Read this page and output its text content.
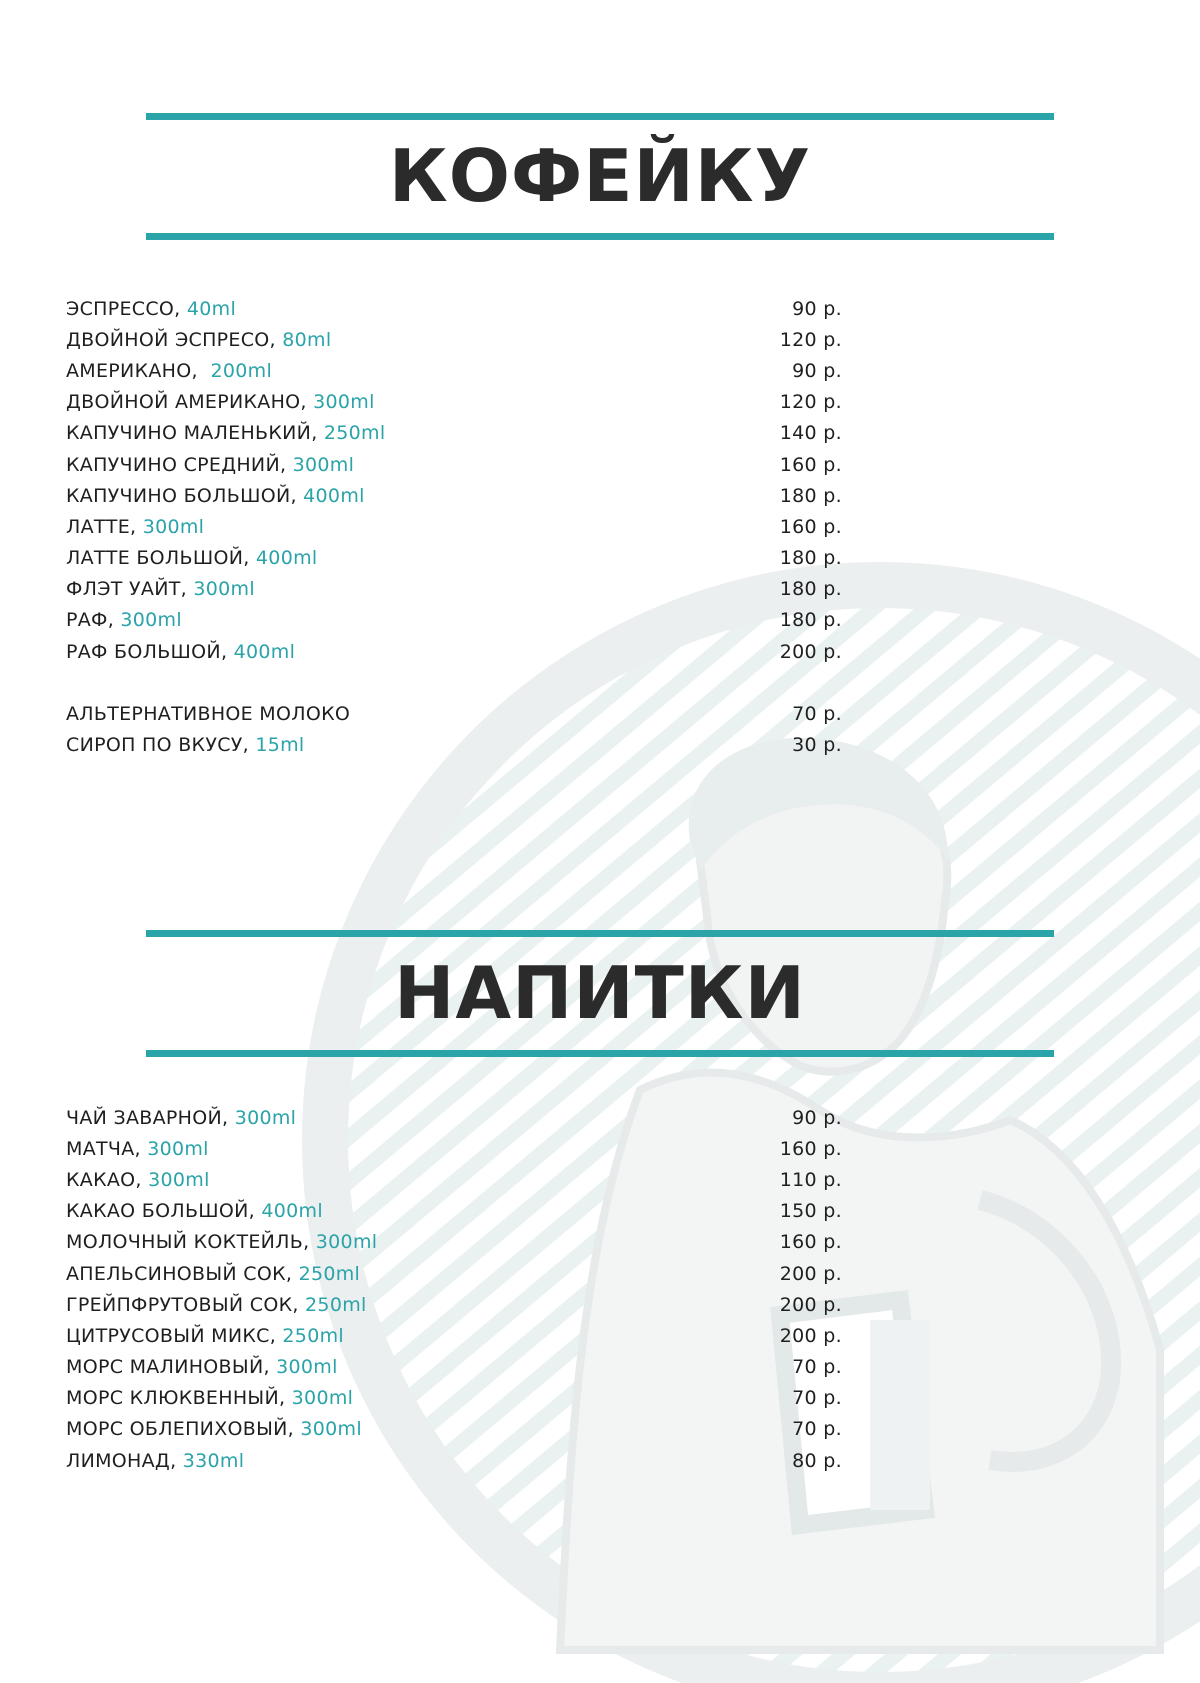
КОФЕЙКУ
ЭСПРЕССО, 40ml	90 р.
ДВОЙНОЙ ЭСПРЕСО, 80ml	120 р.
АМЕРИКАНО,  200ml	90 р.
ДВОЙНОЙ АМЕРИКАНО, 300ml	120 р.
КАПУЧИНО МАЛЕНЬКИЙ, 250ml	140 р.
КАПУЧИНО СРЕДНИЙ, 300ml	160 р.
КАПУЧИНО БОЛЬШОЙ, 400ml	180 р.
ЛАТТЕ, 300ml	160 р.
ЛАТТЕ БОЛЬШОЙ, 400ml	180 р.
ФЛЭТ УАЙТ, 300ml	180 р.
РАФ, 300ml	180 р.
РАФ БОЛЬШОЙ, 400ml	200 р.
АЛЬТЕРНАТИВНОЕ МОЛОКО	70 р.
СИРОП ПО ВКУСУ, 15ml	30 р.
НАПИТКИ
ЧАЙ ЗАВАРНОЙ, 300ml	90 р.
МАТЧА, 300ml	160 р.
КАКАО, 300ml	110 р.
КАКАО БОЛЬШОЙ, 400ml	150 р.
МОЛОЧНЫЙ КОКТЕЙЛЬ, 300ml	160 р.
АПЕЛЬСИНОВЫЙ СОК, 250ml	200 р.
ГРЕЙПФРУТОВЫЙ СОК, 250ml	200 р.
ЦИТРУСОВЫЙ МИКС, 250ml	200 р.
МОРС МАЛИНОВЫЙ, 300ml	70 р.
МОРС КЛЮКВЕННЫЙ, 300ml	70 р.
МОРС ОБЛЕПИХОВЫЙ, 300ml	70 р.
ЛИМОНАД, 330ml	80 р.
